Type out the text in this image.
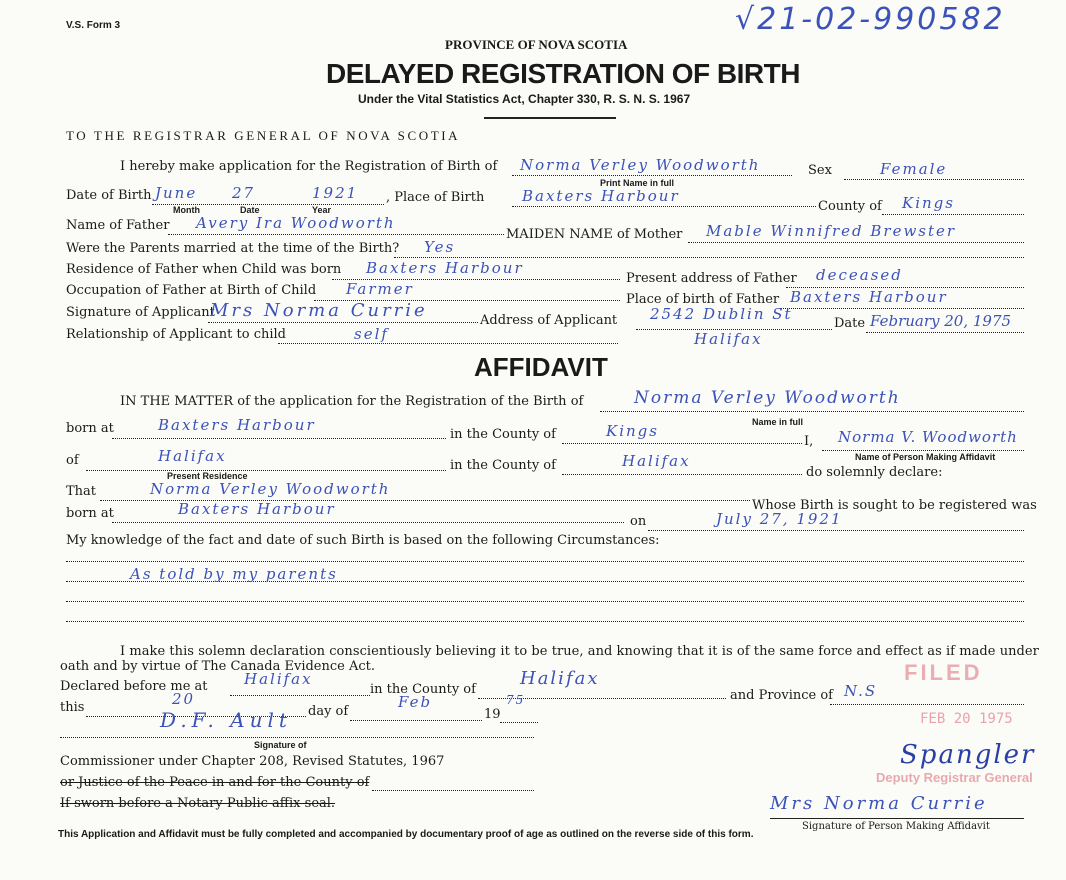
V.S. Form 3	√21-02-990582
PROVINCE OF NOVA SCOTIA
DELAYED REGISTRATION OF BIRTH
Under the Vital Statistics Act, Chapter 330, R. S. N. S. 1967
TO THE REGISTRAR GENERAL OF NOVA SCOTIA
I hereby make application for the Registration of Birth of Norma Verley Woodworth
Print Name in full
Sex	Female
Date of Birth June 27	1921
Month	Date	Year
, Place of Birth	Baxters Harbour
County of Kings
Name of Father Avery Ira Woodworth
MAIDEN NAME of Mother Mable Winnifred Brewster
Were the Parents married at the time of the Birth? Yes
Residence of Father when Child was born Baxters Harbour
Present address of Father deceased
Occupation of Father at Birth of Child Farmer
Place of birth of Father Baxters Harbour
Signature of Applicant
Mrs Norma Currie	Address of Applicant 2542 Dublin St
Halifax
Date February 20, 1975
Relationship of Applicant to child	self
AFFIDAVIT
IN THE MATTER of the application for the Registration of the Birth of	Norma Verley Woodworth
Name in full
born at	Baxters Harbour
in the County of	Kings
I, Norma V. Woodworth
Name of Person Making Affidavit
of	Halifax
Present Residence
in the County of	Halifax
do solemnly declare:
That	Norma Verley Woodworth
Whose Birth is sought to be registered was
born at	Baxters Harbour
on	July 27, 1921
My knowledge of the fact and date of such Birth is based on the following Circumstances:
As told by my parents
I make this solemn declaration conscientiously believing it to be true, and knowing that it is of the same force and effect as if made under
oath and by virtue of The Canada Evidence Act.
Declared before me at Halifax
in the County of
Halifax
and Province of N.S
this	20
day of
Feb
19
75
D.F. Ault
Signature of
Commissioner under Chapter 208, Revised Statutes, 1967
or Justice of the Peace in and for the County of
If sworn before a Notary Public affix seal.
FILED
FEB 20 1975
Spangler
Deputy Registrar General
Mrs Norma Currie
Signature of Person Making Affidavit
This Application and Affidavit must be fully completed and accompanied by documentary proof of age as outlined on the reverse side of this form.
